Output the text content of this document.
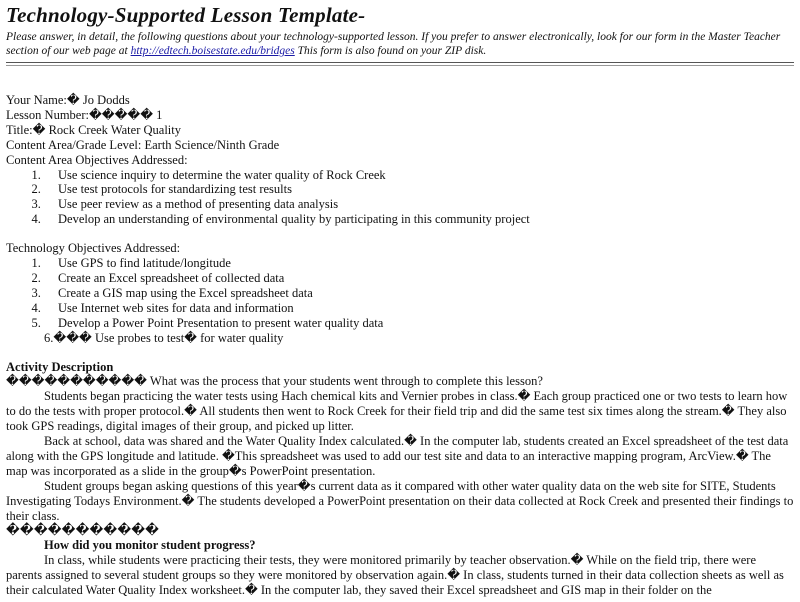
Technology-Supported Lesson Template-
Please answer, in detail, the following questions about your technology-supported lesson. If you prefer to answer electronically, look for our form in the Master Teacher section of our web page at http://edtech.boisestate.edu/bridges This form is also found on your ZIP disk.
Your Name:� Jo Dodds
Lesson Number:����� 1
Title:� Rock Creek Water Quality
Content Area/Grade Level: Earth Science/Ninth Grade
Content Area Objectives Addressed:
1. Use science inquiry to determine the water quality of Rock Creek
2. Use test protocols for standardizing test results
3. Use peer review as a method of presenting data analysis
4. Develop an understanding of environmental quality by participating in this community project
Technology Objectives Addressed:
1. Use GPS to find latitude/longitude
2. Create an Excel spreadsheet of collected data
3. Create a GIS map using the Excel spreadsheet data
4. Use Internet web sites for data and information
5. Develop a Power Point Presentation to present water quality data
6.��� Use probes to test� for water quality
Activity Description
����������� What was the process that your students went through to complete this lesson?
Students began practicing the water tests using Hach chemical kits and Vernier probes in class.� Each group practiced one or two tests to learn how to do the tests with proper protocol.� All students then went to Rock Creek for their field trip and did the same test six times along the stream.� They also took GPS readings, digital images of their group, and picked up litter.
Back at school, data was shared and the Water Quality Index calculated.� In the computer lab, students created an Excel spreadsheet of the test data along with the GPS longitude and latitude. �This spreadsheet was used to add our test site and data to an interactive mapping program, ArcView.� The map was incorporated as a slide in the group�s PowerPoint presentation.
Student groups began asking questions of this year�s current data as it compared with other water quality data on the web site for SITE, Students Investigating Todays Environment.� The students developed a PowerPoint presentation on their data collected at Rock Creek and presented their findings to their class.
�����������
How did you monitor student progress?
In class, while students were practicing their tests, they were monitored primarily by teacher observation.� While on the field trip, there were parents assigned to several student groups so they were monitored by observation again.� In class, students turned in their data collection sheets as well as their calculated Water Quality Index worksheet.� In the computer lab, they saved their Excel spreadsheet and GIS map in their folder on the
